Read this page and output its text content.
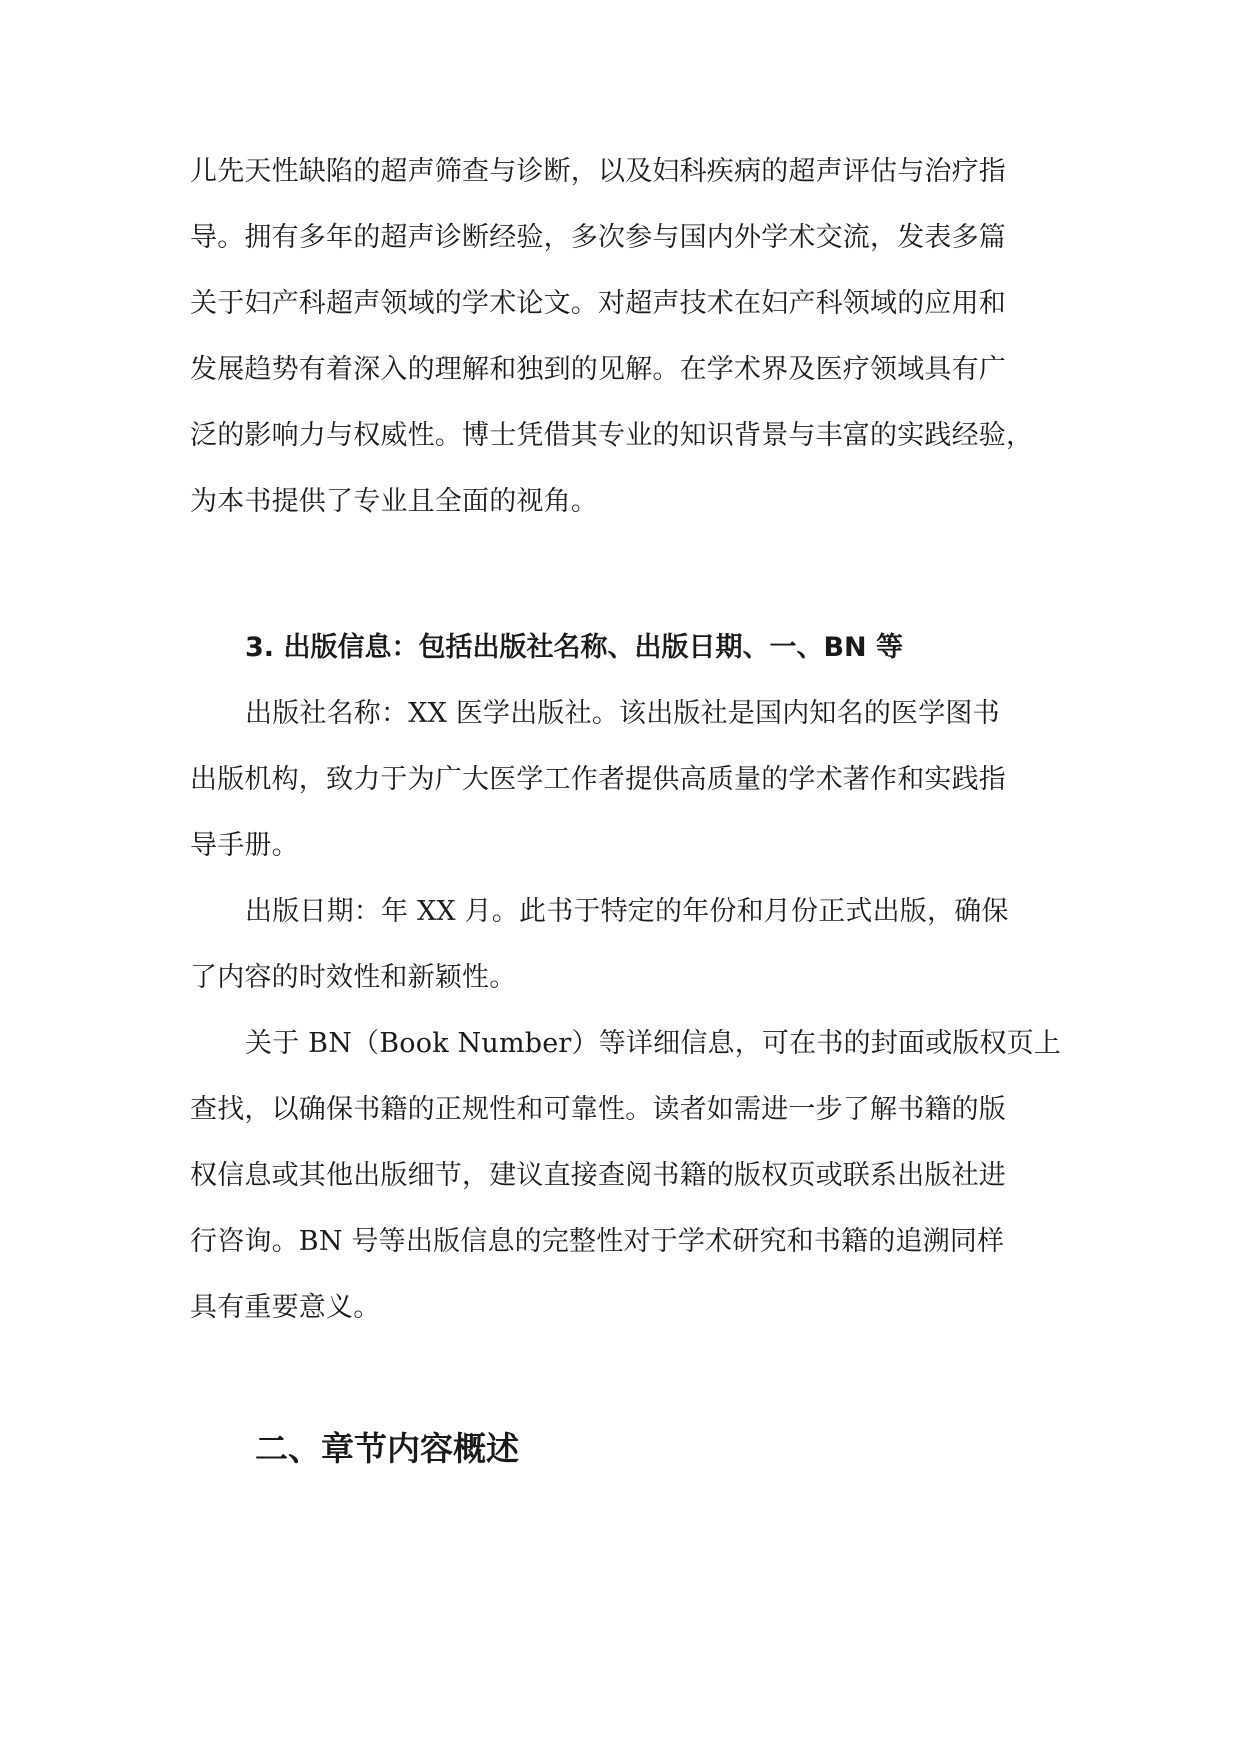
儿先天性缺陷的超声筛查与诊断，以及妇科疾病的超声评估与治疗指
导。拥有多年的超声诊断经验，多次参与国内外学术交流，发表多篇
关于妇产科超声领域的学术论文。对超声技术在妇产科领域的应用和
发展趋势有着深入的理解和独到的见解。在学术界及医疗领域具有广
泛的影响力与权威性。博士凭借其专业的知识背景与丰富的实践经验，
为本书提供了专业且全面的视角。
3. 出版信息：包括出版社名称、出版日期、一、BN 等
出版社名称：XX 医学出版社。该出版社是国内知名的医学图书
出版机构，致力于为广大医学工作者提供高质量的学术著作和实践指
导手册。
出版日期：年 XX 月。此书于特定的年份和月份正式出版，确保
了内容的时效性和新颖性。
关于 BN（Book Number）等详细信息，可在书的封面或版权页上
查找，以确保书籍的正规性和可靠性。读者如需进一步了解书籍的版
权信息或其他出版细节，建议直接查阅书籍的版权页或联系出版社进
行咨询。BN 号等出版信息的完整性对于学术研究和书籍的追溯同样
具有重要意义。
二、章节内容概述
